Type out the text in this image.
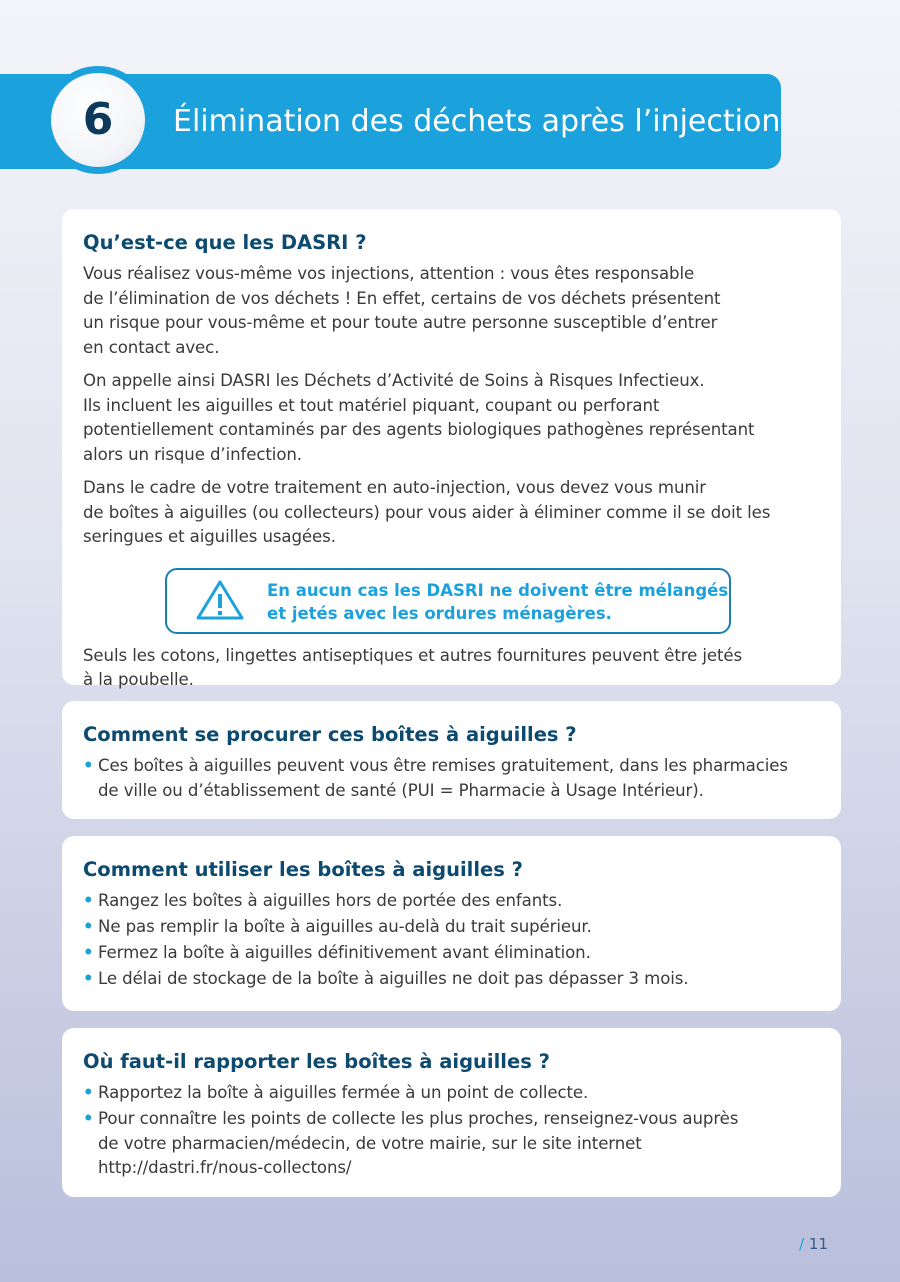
Élimination des déchets après l’injection
6
Qu’est-ce que les DASRI ?

Vous réalisez vous-même vos injections, attention : vous êtes responsable
de l’élimination de vos déchets ! En effet, certains de vos déchets présentent
un risque pour vous-même et pour toute autre personne susceptible d’entrer
en contact avec.

On appelle ainsi DASRI les Déchets d’Activité de Soins à Risques Infectieux.
Ils incluent les aiguilles et tout matériel piquant, coupant ou perforant
potentiellement contaminés par des agents biologiques pathogènes représentant
alors un risque d’infection.

Dans le cadre de votre traitement en auto-injection, vous devez vous munir
de boîtes à aiguilles (ou collecteurs) pour vous aider à éliminer comme il se doit les
seringues et aiguilles usagées.

En aucun cas les DASRI ne doivent être mélangés
et jetés avec les ordures ménagères.

Seuls les cotons, lingettes antiseptiques et autres fournitures peuvent être jetés
à la poubelle.

Comment se procurer ces boîtes à aiguilles ?
• Ces boîtes à aiguilles peuvent vous être remises gratuitement, dans les pharmacies
de ville ou d’établissement de santé (PUI = Pharmacie à Usage Intérieur).
Comment utiliser les boîtes à aiguilles ?
• Rangez les boîtes à aiguilles hors de portée des enfants.
• Ne pas remplir la boîte à aiguilles au-delà du trait supérieur.
• Fermez la boîte à aiguilles définitivement avant élimination.
• Le délai de stockage de la boîte à aiguilles ne doit pas dépasser 3 mois.
Où faut-il rapporter les boîtes à aiguilles ?
• Rapportez la boîte à aiguilles fermée à un point de collecte.
• Pour connaître les points de collecte les plus proches, renseignez-vous auprès
de votre pharmacien/médecin, de votre mairie, sur le site internet
http://dastri.fr/nous-collectons/
/ 11
